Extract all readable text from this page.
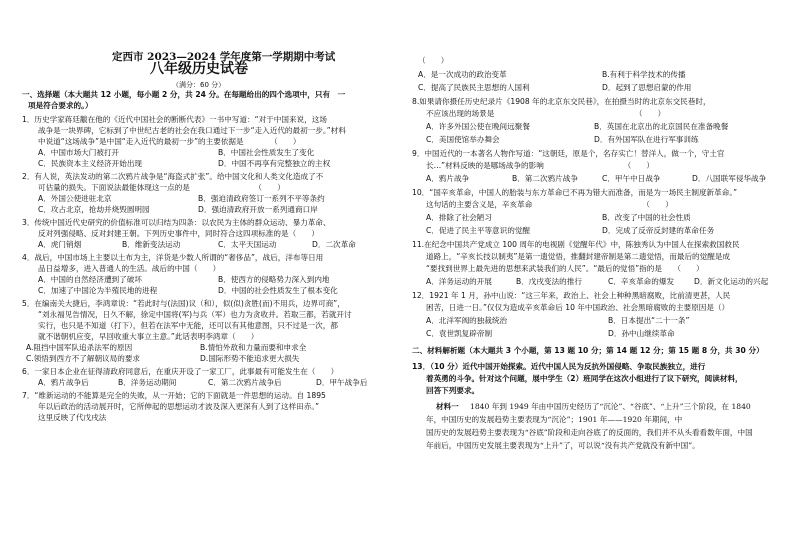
定西市 2023—2024 学年度第一学期期中考试
八年级历史试卷
（满分：60 分）
一、选择题（本大题共 12 小题，每小题 2 分，共 24 分。在每题给出的四个选项中，只有　一
项是符合要求的。）
1．历史学家蒋廷黻在他的《近代中国社会的断断代表》一书中写道：“对于中国来说，这场
战争是一块界碑，它标到了中世纪古老的社会在我口通过下一步“走入近代的最初一步。”材料
中说道“这场战争”是中国“走入近代的最初一步”的主要依据是　　　　（　　）
A．中国市场大门被打开	B．中国社会性质发生了变化
C．民族资本主义经济开始出现	D．中国不再享有完整独立的主权
2．有人说，英法发动的第二次鸦片战争是“海盗式扩张”。给中国文化和人类文化造成了不
可估量的损失。下面说法最能体现这一点的是　　　　　　　　　（　　）
A．外国公使进驻北京	B．强迫清政府签订一系列不平等条约
C．攻占北京，抢劫并烧毁圆明园	D．强迫清政府开放一系列通商口岸
3．传统中国近代史研究的价值标准可以归结为四条：以农民为主体的群众运动、暴力革命、
反对列强侵略、反对封建王朝。下列历史事件中，同时符合这四项标准的是（　　）
A．虎门销烟	B．维新变法运动	C．太平天国运动	D．二次革命
4．战后，中国市场上主要以土布为主，洋货是少数人所谓的“奢侈品”，战后，洋布等日用
品日益增多，进入普通人的生活。战后的中国（　　）
A．中国的自然经济遭到了破坏	B．使西方的侵略势力深入到内地
C．加速了中国沦为半殖民地的进程	D．中国的社会性质发生了根本变化
5．在编南关大捷后，李鸿章说：“若此时与(法国)议（和），似(似)贪胜(而)不用兵，边界可商”，
“刘永福见告情况，日久不解，徐定中国将(军)与兵（军）也力为贪收并。若取三都，若就开讨
实行，也只是不知道（打下），但若在法军中无能，还可以有其他意图，只不过是一次，都
就不谐朝机应变，早回收重大事立主意。”此话表明李鸿章（　　）
A.阻挡中国军队追杀法军的原因	B.情怕外敌和力量而要和申求全
C.领悟到西方不了解朝议局的要求	D.国际形势不能追求更大损失
6．一家日本企业在征得清政府同意后，在重庆开设了一家工厂，此事最有可能发生在（　　）
A．鸦片战争后	B．洋务运动期间	C．第二次鸦片战争后	D．甲午战争后
7．“维新运动的不能算是完全的失败，从一开始；它的下面就是一件思想的运动。自 1895
年以后政治的活动展开时，它所伸起的思想运动才波及深入更深有人到了这样田赤。”
这里反映了代戊戌法
（　　）
A．是一次成功的政治变革	B.有利于科学技术的传播
C．提高了民族民主思想的人国利	D．起到了思想启蒙的作用
8.如果请你摄任历史纪录片《1908 年的北京东交民巷》，在拍摄当时的北京东交民巷时，
不应该出现的场景是　　　　　　　　　　　　　　　　　　　（　　）
A．许多外国公使在晚间远聚餐	B．英国在北京出的北京国民在准备晚餐
C．美国使馆举办舞会	D．有外国军队在进行军事训练
9．中国近代的一本著名人物作写道：“这朝廷，原是个，名存实亡！替洋人，做一个，守土官
长…”材料反映的是哪场战争的影响　　　　　　　　　　　（　　）
A．鸦片战争	B．第二次鸦片战争	C．甲午中日战争	D．八国联军侵华战争
10．“国辛亥革命，中国人的胎装与东方革命已不再为错大而准备，而是为一场民主制度新革命。”
这句话的主要含义是，辛亥革命　　　　　　　　　　　　　　　（　　）
A．排除了社会陋习	B．改变了中国的社会性质
C．促进了民主平等意识的觉醒	D．完成了反帝反封建的革命任务
11.在纪念中国共产党成立 100 周年的电视剧《觉醒年代》中，陈独秀认为中国人在探索救国救民
道路上，“辛亥长技以制夷”是第一遗觉悟，推翻封建帝制是第二遗觉悟，而最后的觉醒是成
“要找到世界上最先进的思想来武装我们的人民”。“最后的觉悟”指的是　　（　　）
A．洋务运动的开展	B．戊戌变法的推行	C．辛亥革命的爆发	D．新文化运动的兴起
12．1921 年 1 月，孙中山说：“这三年来，政治上、社会上种种黑暗腐败，比前清更甚，人民
困苦，日进一日。”仅仅为造成辛亥革命后 10 年中国政治、社会黑暗腐败的主要原因是（）
A．北洋军阀的独裁统治	B．日本提出“二十一条”
C．袁世凯复辟帝制	D．孙中山继续革命
二、材料解析题（本大题共 3 个小题，第 13 题 10 分；第 14 题 12 分；第 15 题 8 分，共 30 分）
13．（10 分）近代中国开始探索。近代中国人民为反抗外国侵略、争取民族独立，进行
着英勇的斗争。针对这个问题，展中学生（2）班同学在这次小组进行了议下研究，阅读材料，
回答下列要求。
材料一 1840 年到 1949 年由中国历史经历了“沉沦”、“谷底”、“上升”三个阶段，在 1840
年，中国历史的发展趋势主要表现为“沉沦”；1901 年——1920 年期间，中
国历史的发展趋势主要表现为“谷底”阶段和走向谷底了的反面的，我们并不从头看看数年面，中国
年前后，中国历史发展主要表现为“上升”了，可以说“没有共产党就没有新中国”。
